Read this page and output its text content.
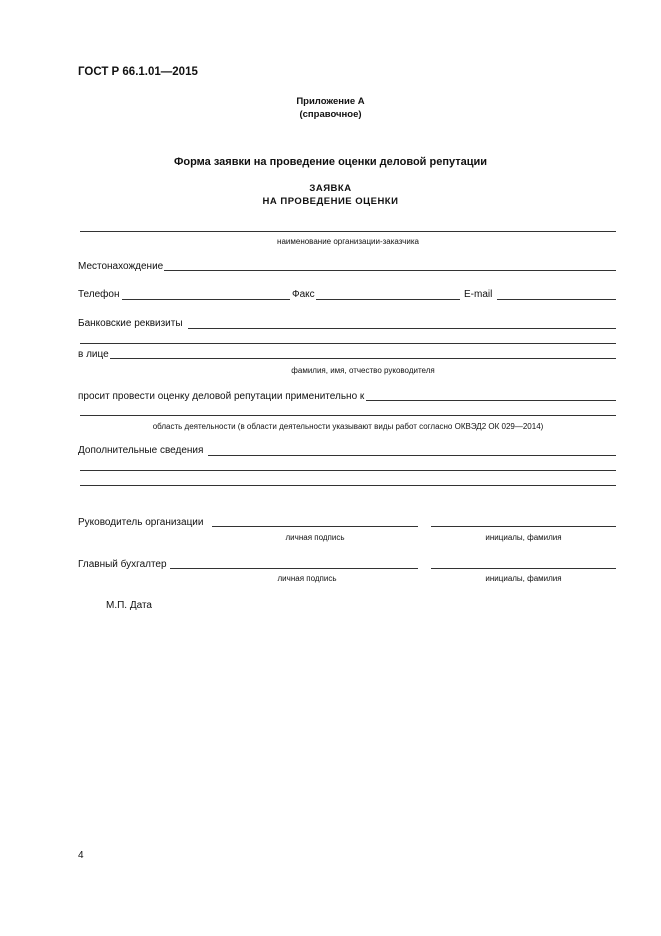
ГОСТ Р 66.1.01—2015
Приложение А
(справочное)
Форма заявки на проведение оценки деловой репутации
ЗАЯВКА
НА ПРОВЕДЕНИЕ ОЦЕНКИ
наименование организации-заказчика
Местонахождение
Телефон	Факс	E-mail
Банковские реквизиты
в лице
фамилия, имя, отчество руководителя
просит провести оценку деловой репутации применительно к
область деятельности (в области деятельности указывают виды работ согласно ОКВЭД2 ОК 029—2014)
Дополнительные сведения
Руководитель организации
личная подпись	инициалы, фамилия
Главный бухгалтер
личная подпись	инициалы, фамилия
М.П. Дата
4
